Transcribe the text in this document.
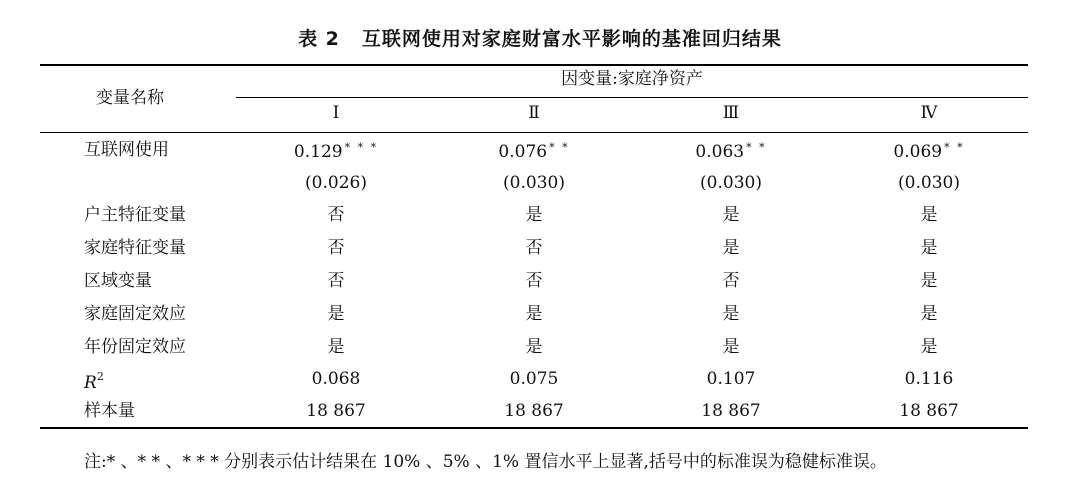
表 2 互联网使用对家庭财富水平影响的基准回归结果
变量名称
因变量:家庭净资产
Ⅰ	Ⅱ	Ⅲ	Ⅳ
互联网使用	0.129 * * *	0.076 * *	0.063 * *	0.069 * *
(0.026)	(0.030)	(0.030)	(0.030)
户主特征变量	否	是	是	是
家庭特征变量	否	否	是	是
区域变量	否	否	否	是
家庭固定效应	是	是	是	是
年份固定效应	是	是	是	是
$R^2$	0.068	0.075	0.107	0.116
样本量	18 867	18 867	18 867	18 867
注:* 、* * 、* * * 分别表示估计结果在 10% 、5% 、1% 置信水平上显著,括号中的标准误为稳健标准误。
